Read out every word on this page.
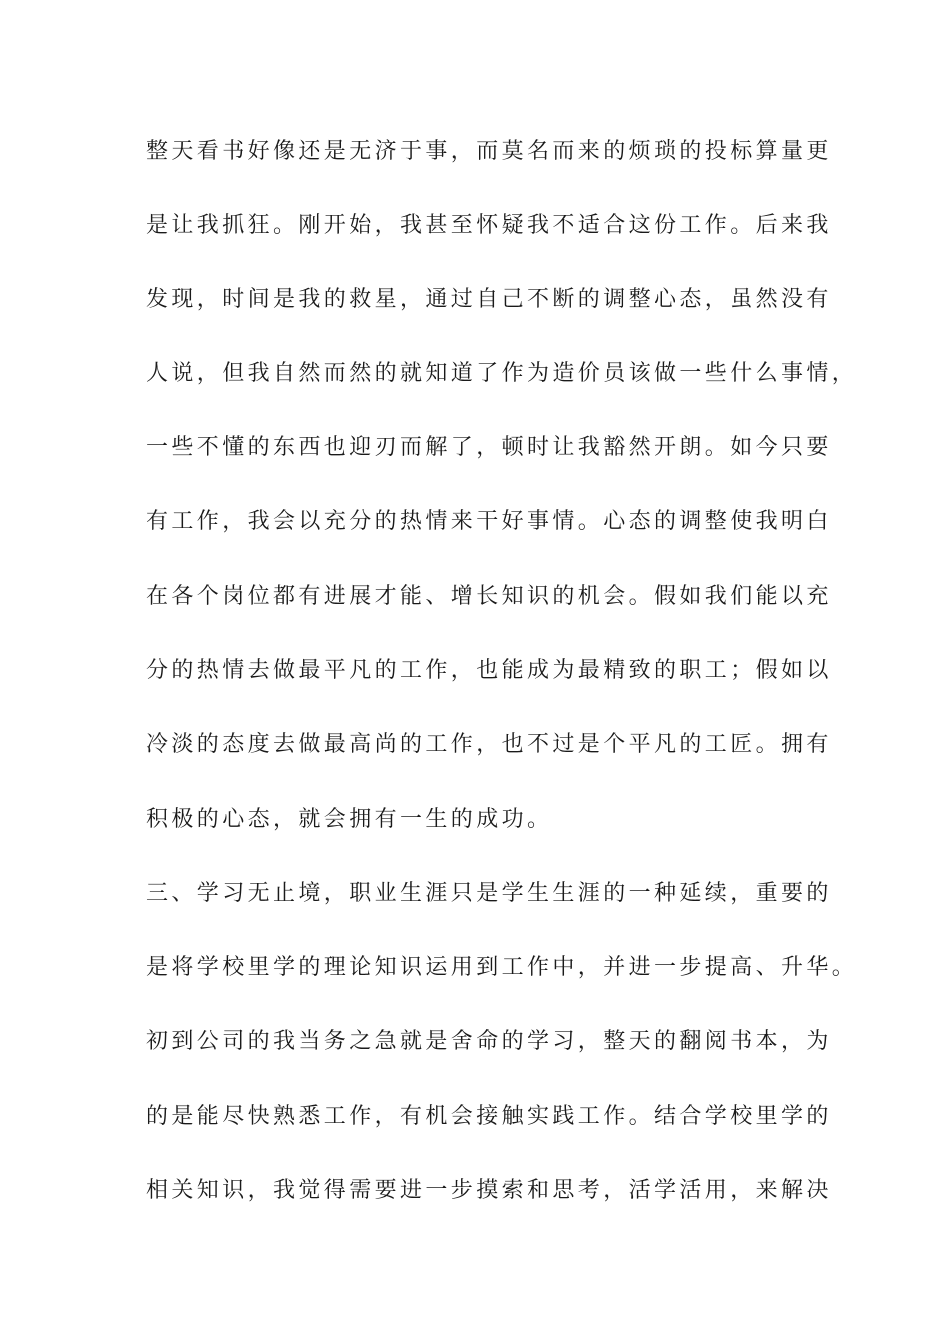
整天看书好像还是无济于事，而莫名而来的烦琐的投标算量更
是让我抓狂。刚开始，我甚至怀疑我不适合这份工作。后来我
发现，时间是我的救星，通过自己不断的调整心态，虽然没有
人说，但我自然而然的就知道了作为造价员该做一些什么事情，
一些不懂的东西也迎刃而解了，顿时让我豁然开朗。如今只要
有工作，我会以充分的热情来干好事情。心态的调整使我明白
在各个岗位都有进展才能、增长知识的机会。假如我们能以充
分的热情去做最平凡的工作，也能成为最精致的职工；假如以
冷淡的态度去做最高尚的工作，也不过是个平凡的工匠。拥有
积极的心态，就会拥有一生的成功。
三、学习无止境，职业生涯只是学生生涯的一种延续，重要的
是将学校里学的理论知识运用到工作中，并进一步提高、升华。
初到公司的我当务之急就是舍命的学习，整天的翻阅书本，为
的是能尽快熟悉工作，有机会接触实践工作。结合学校里学的
相关知识，我觉得需要进一步摸索和思考，活学活用，来解决
